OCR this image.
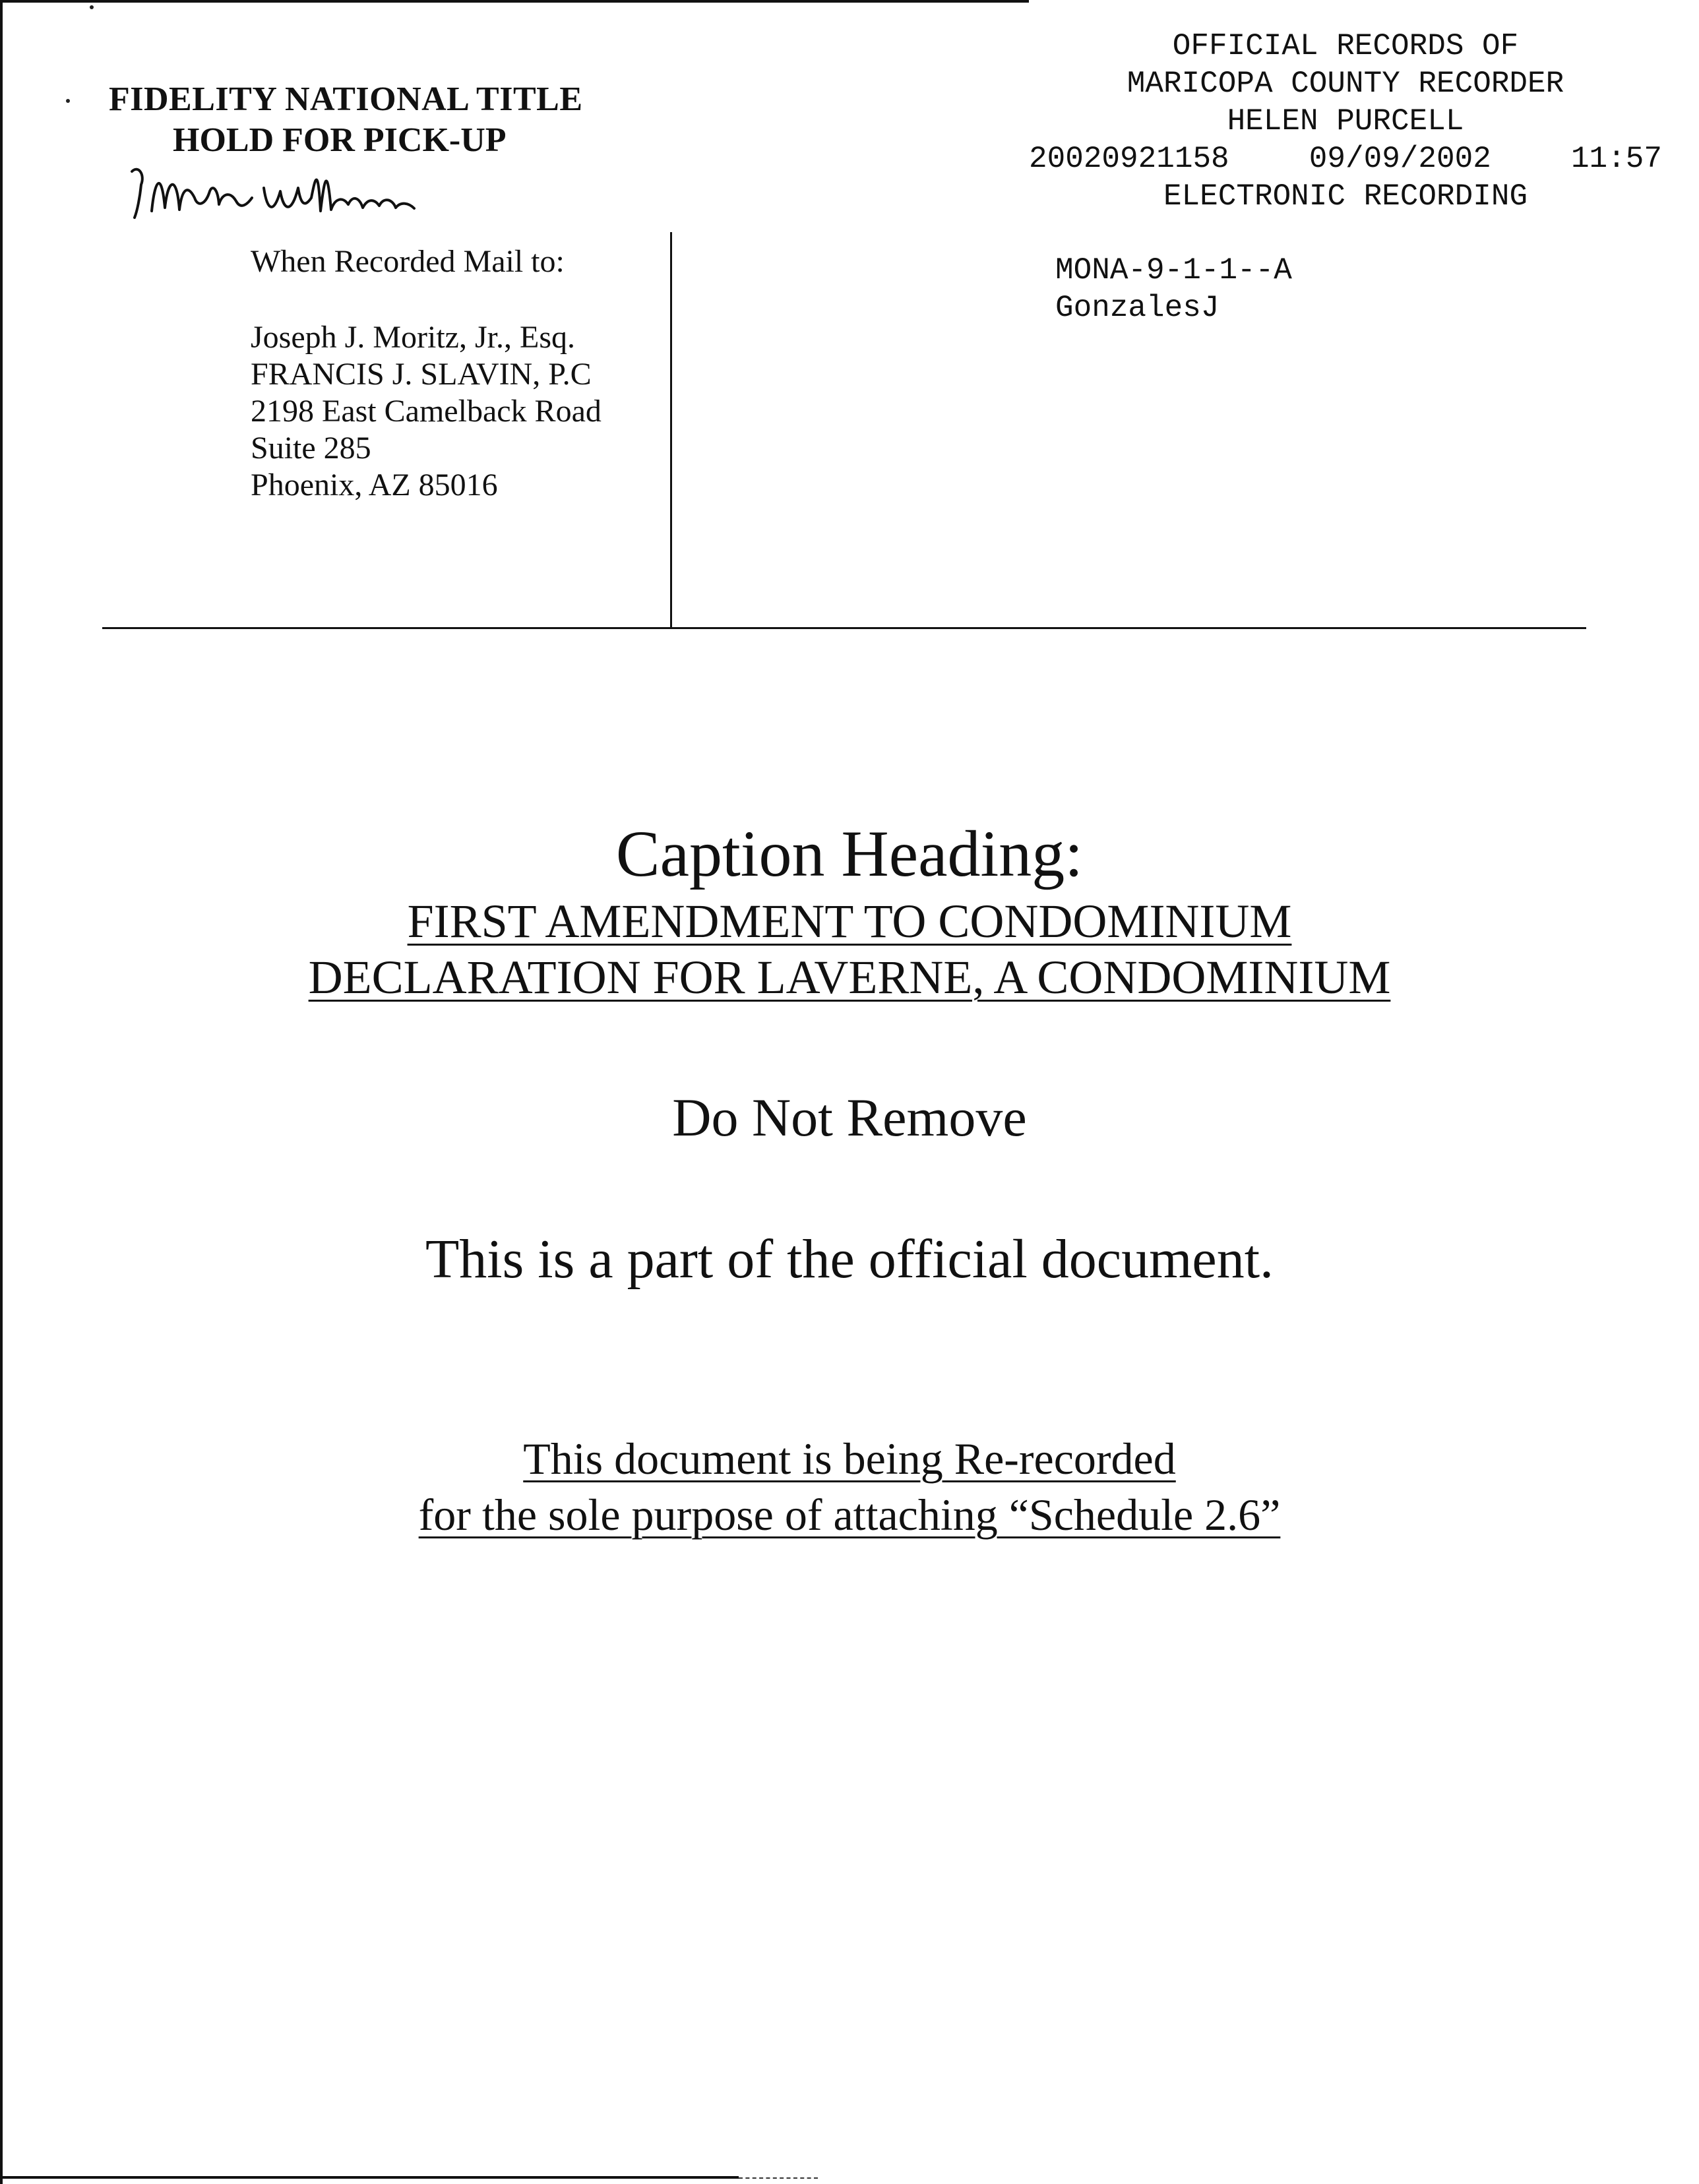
FIDELITY NATIONAL TITLE
HOLD FOR PICK-UP
Mona Williams
When Recorded Mail to:
Joseph J. Moritz, Jr., Esq.
FRANCIS J. SLAVIN, P.C
2198 East Camelback Road
Suite 285
Phoenix, AZ 85016
OFFICIAL RECORDS OF
MARICOPA COUNTY RECORDER
HELEN PURCELL
20020921158	09/09/2002	11:57
ELECTRONIC RECORDING
MONA-9-1-1--A
GonzalesJ
Caption Heading:
FIRST AMENDMENT TO CONDOMINIUM
DECLARATION FOR LAVERNE, A CONDOMINIUM
Do Not Remove
This is a part of the official document.
This document is being Re-recorded
for the sole purpose of attaching “Schedule 2.6”
